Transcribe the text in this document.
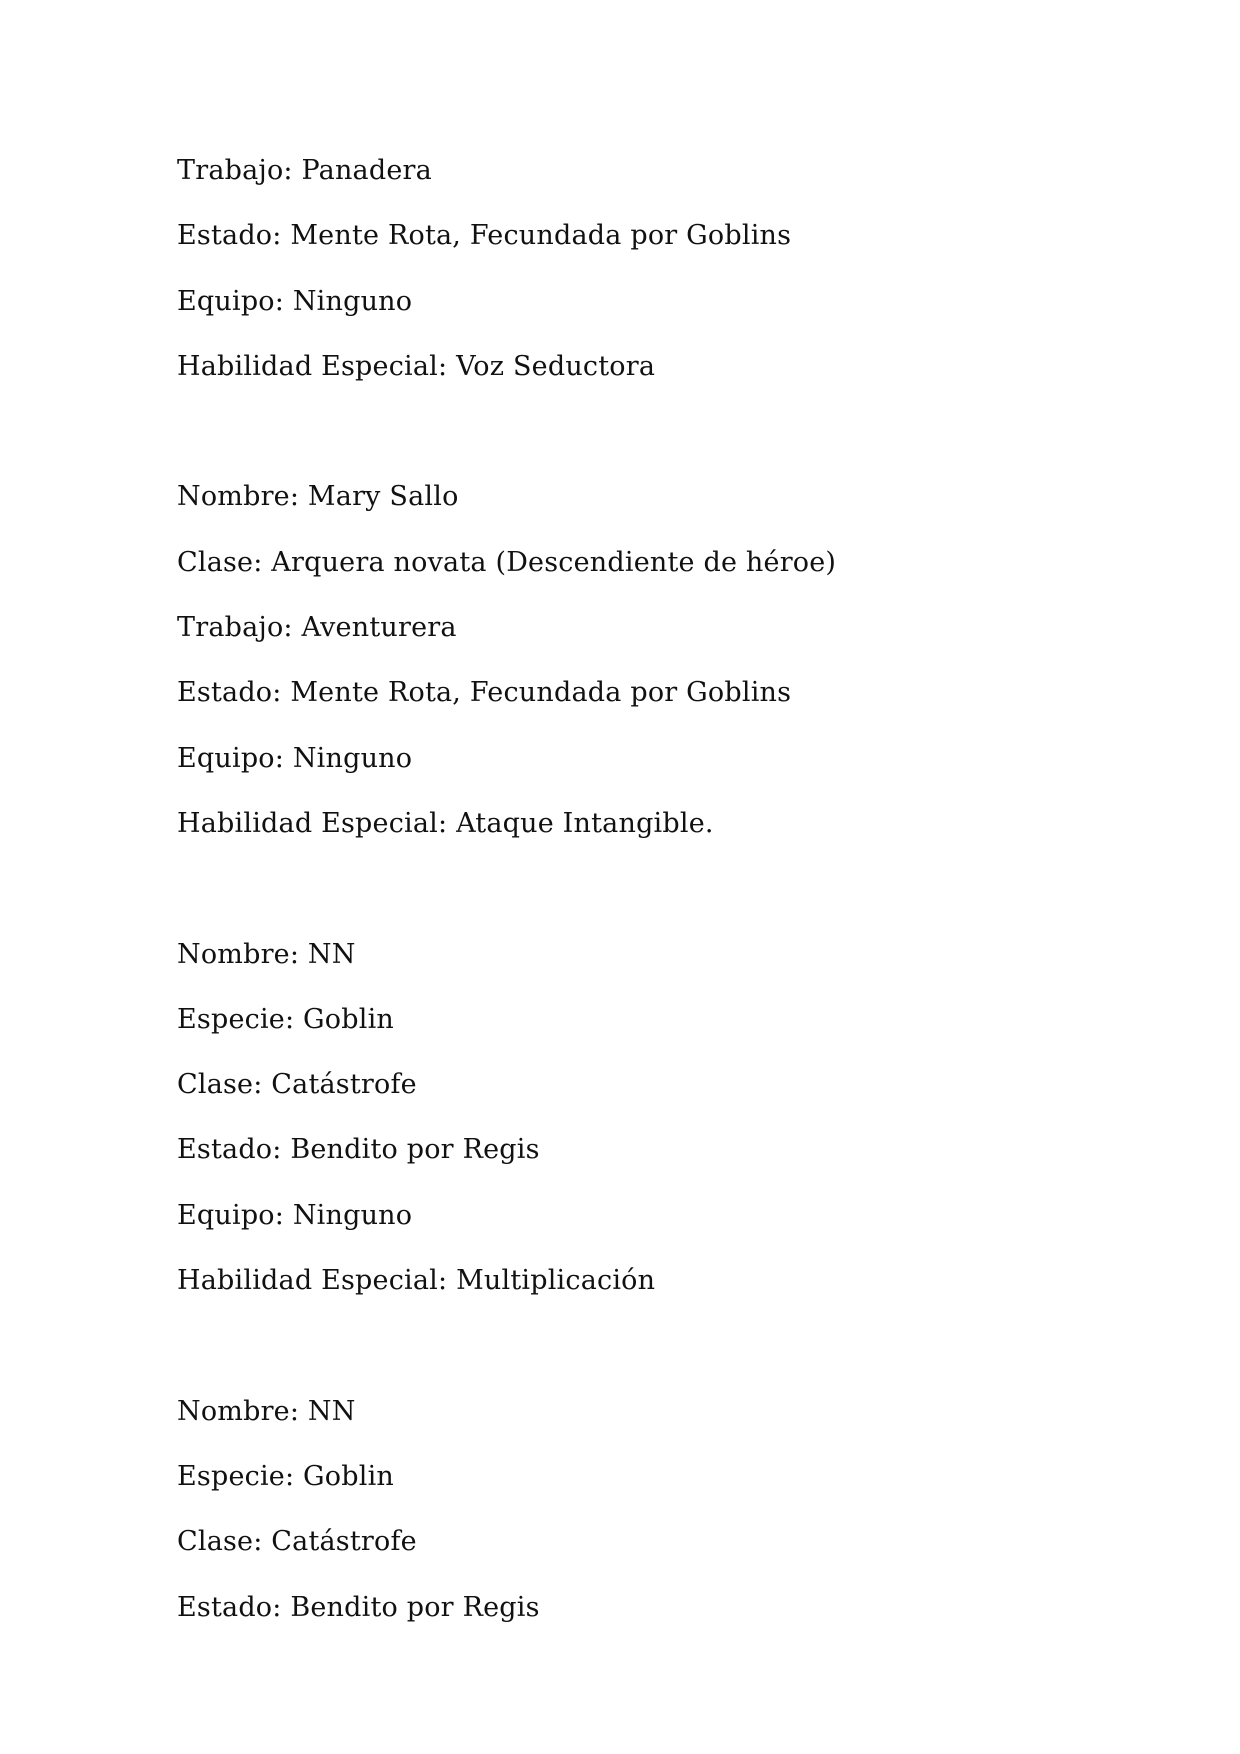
Trabajo: Panadera
Estado: Mente Rota, Fecundada por Goblins
Equipo: Ninguno
Habilidad Especial: Voz Seductora
Nombre: Mary Sallo
Clase: Arquera novata (Descendiente de héroe)
Trabajo: Aventurera
Estado: Mente Rota, Fecundada por Goblins
Equipo: Ninguno
Habilidad Especial: Ataque Intangible.
Nombre: NN
Especie: Goblin
Clase: Catástrofe
Estado: Bendito por Regis
Equipo: Ninguno
Habilidad Especial: Multiplicación
Nombre: NN
Especie: Goblin
Clase: Catástrofe
Estado: Bendito por Regis
